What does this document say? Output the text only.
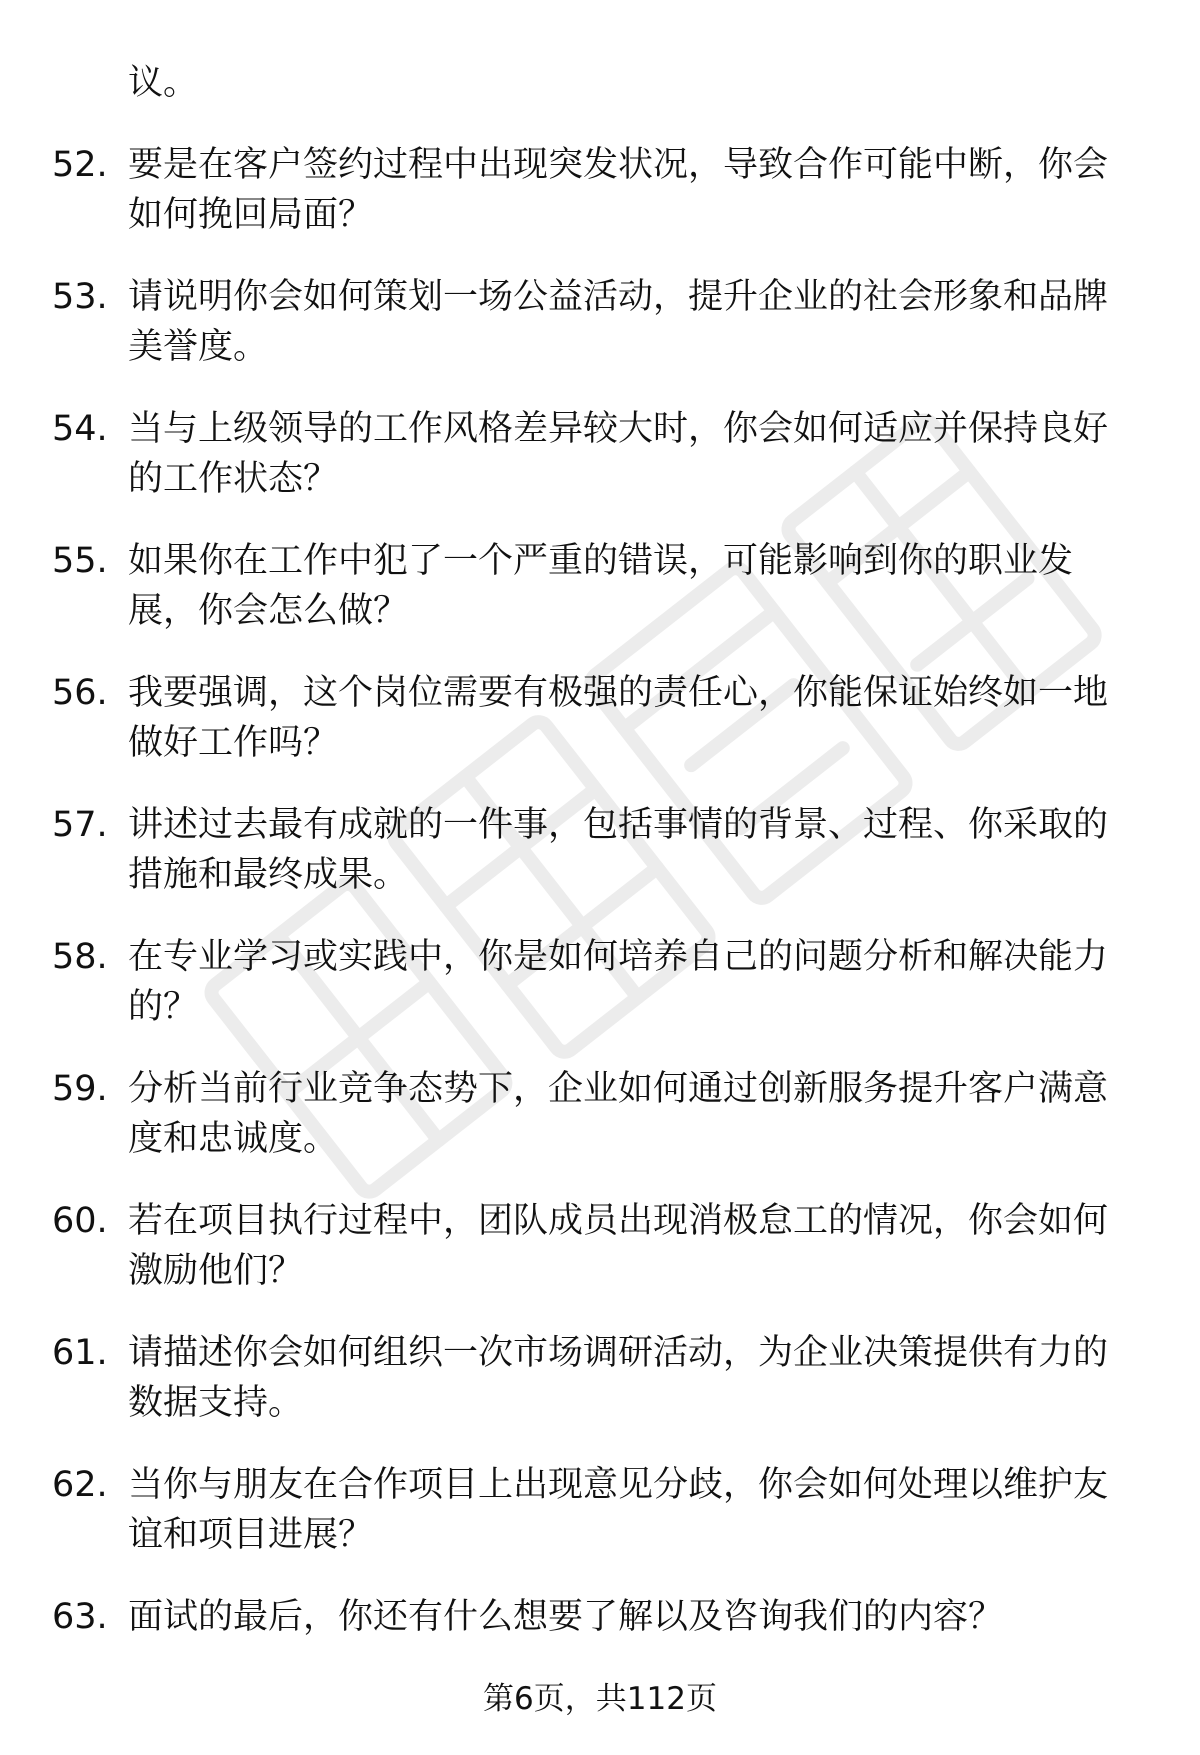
议。
52. 要是在客户签约过程中出现突发状况，导致合作可能中断，你会如何挽回局面？
53. 请说明你会如何策划一场公益活动，提升企业的社会形象和品牌美誉度。
54. 当与上级领导的工作风格差异较大时，你会如何适应并保持良好的工作状态？
55. 如果你在工作中犯了一个严重的错误，可能影响到你的职业发展，你会怎么做？
56. 我要强调，这个岗位需要有极强的责任心，你能保证始终如一地做好工作吗？
57. 讲述过去最有成就的一件事，包括事情的背景、过程、你采取的措施和最终成果。
58. 在专业学习或实践中，你是如何培养自己的问题分析和解决能力的？
59. 分析当前行业竞争态势下，企业如何通过创新服务提升客户满意度和忠诚度。
60. 若在项目执行过程中，团队成员出现消极怠工的情况，你会如何激励他们？
61. 请描述你会如何组织一次市场调研活动，为企业决策提供有力的数据支持。
62. 当你与朋友在合作项目上出现意见分歧，你会如何处理以维护友谊和项目进展？
63. 面试的最后，你还有什么想要了解以及咨询我们的内容？
第6页，共112页
